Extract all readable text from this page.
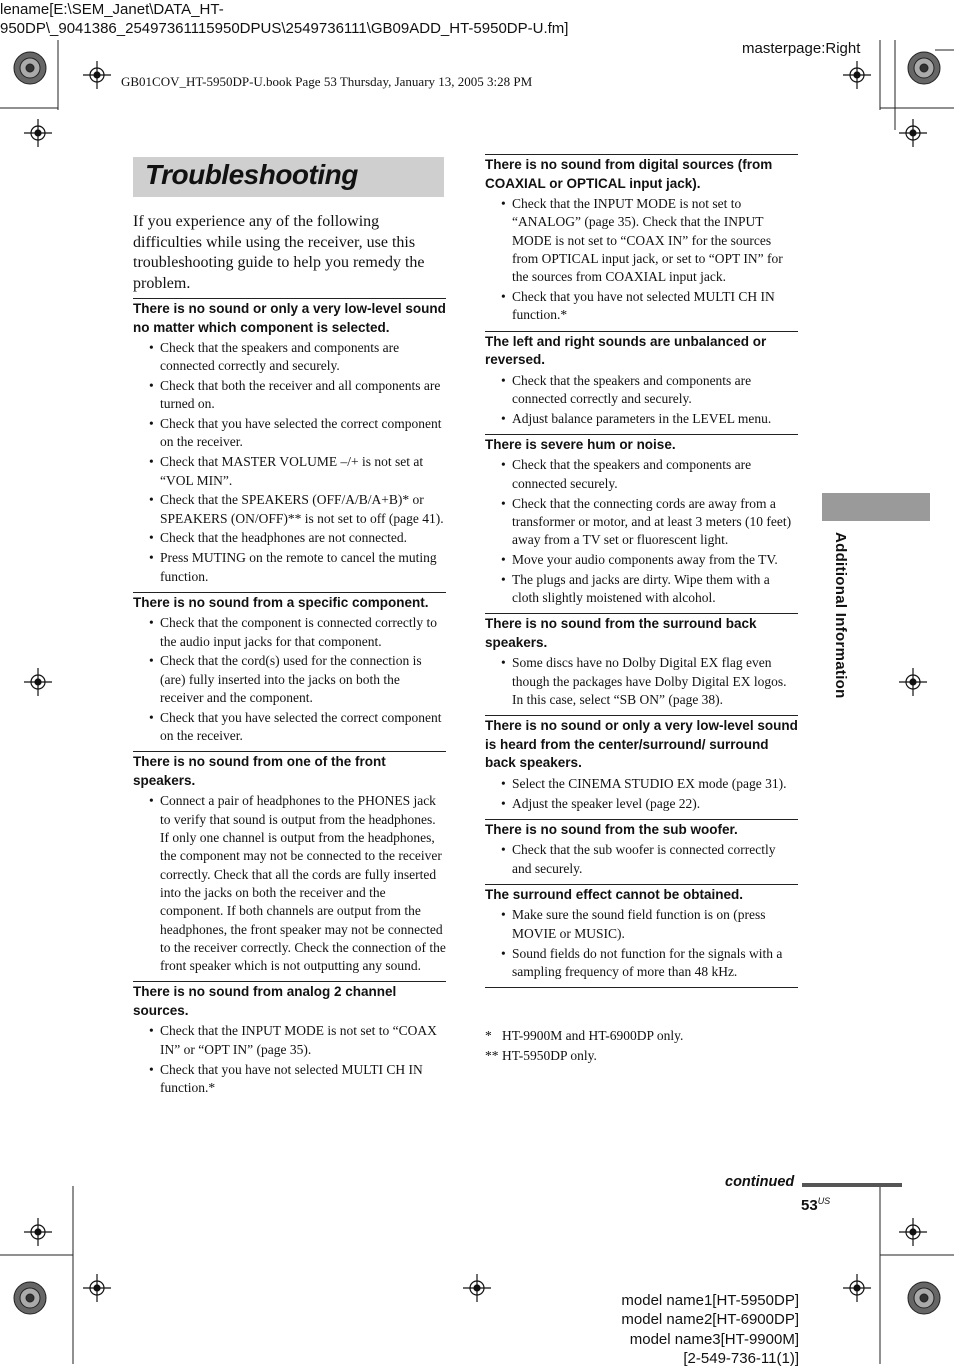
lename[E:\SEM_Janet\DATA_HT-
950DP\_9041386_25497361115950DPUS\2549736111\GB09ADD_HT-5950DP-U.fm]
masterpage:Right
GB01COV_HT-5950DP-U.book Page 53 Thursday, January 13, 2005 3:28 PM
Troubleshooting
If you experience any of the following difficulties while using the receiver, use this troubleshooting guide to help you remedy the problem.
There is no sound or only a very low-level sound no matter which component is selected.
• Check that the speakers and components are connected correctly and securely.
• Check that both the receiver and all components are turned on.
• Check that you have selected the correct component on the receiver.
• Check that MASTER VOLUME –/+ is not set at “VOL MIN”.
• Check that the SPEAKERS (OFF/A/B/A+B)* or SPEAKERS (ON/OFF)** is not set to off (page 41).
• Check that the headphones are not connected.
• Press MUTING on the remote to cancel the muting function.
There is no sound from a specific component.
• Check that the component is connected correctly to the audio input jacks for that component.
• Check that the cord(s) used for the connection is (are) fully inserted into the jacks on both the receiver and the component.
• Check that you have selected the correct component on the receiver.
There is no sound from one of the front speakers.
• Connect a pair of headphones to the PHONES jack to verify that sound is output from the headphones. If only one channel is output from the headphones, the component may not be connected to the receiver correctly. Check that all the cords are fully inserted into the jacks on both the receiver and the component. If both channels are output from the headphones, the front speaker may not be connected to the receiver correctly. Check the connection of the front speaker which is not outputting any sound.
There is no sound from analog 2 channel sources.
• Check that the INPUT MODE is not set to “COAX IN” or “OPT IN” (page 35).
• Check that you have not selected MULTI CH IN function.*
There is no sound from digital sources (from COAXIAL or OPTICAL input jack).
• Check that the INPUT MODE is not set to “ANALOG” (page 35). Check that the INPUT MODE is not set to “COAX IN” for the sources from OPTICAL input jack, or set to “OPT IN” for the sources from COAXIAL input jack.
• Check that you have not selected MULTI CH IN function.*
The left and right sounds are unbalanced or reversed.
• Check that the speakers and components are connected correctly and securely.
• Adjust balance parameters in the LEVEL menu.
There is severe hum or noise.
• Check that the speakers and components are connected securely.
• Check that the connecting cords are away from a transformer or motor, and at least 3 meters (10 feet) away from a TV set or fluorescent light.
• Move your audio components away from the TV.
• The plugs and jacks are dirty. Wipe them with a cloth slightly moistened with alcohol.
There is no sound from the surround back speakers.
• Some discs have no Dolby Digital EX flag even though the packages have Dolby Digital EX logos. In this case, select “SB ON” (page 38).
There is no sound or only a very low-level sound is heard from the center/surround/ surround back speakers.
• Select the CINEMA STUDIO EX mode (page 31).
• Adjust the speaker level (page 22).
There is no sound from the sub woofer.
• Check that the sub woofer is connected correctly and securely.
The surround effect cannot be obtained.
• Make sure the sound field function is on (press MOVIE or MUSIC).
• Sound fields do not function for the signals with a sampling frequency of more than 48 kHz.
* HT-9900M and HT-6900DP only.
** HT-5950DP only.
Additional Information
continued
$53^{US}$
model name1[HT-5950DP]
model name2[HT-6900DP]
model name3[HT-9900M]
[2-549-736-11(1)]
